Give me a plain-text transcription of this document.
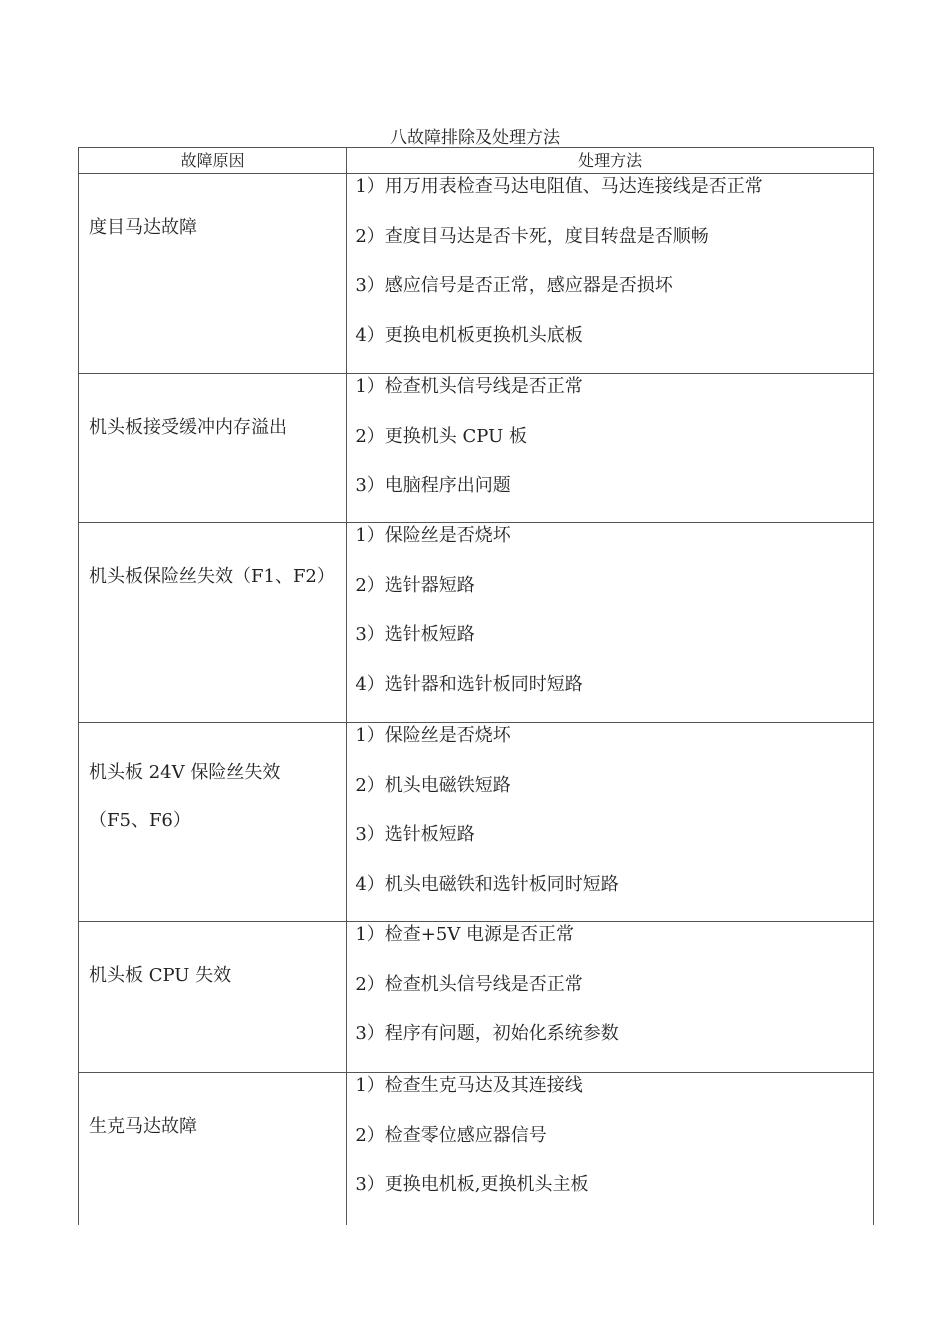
八故障排除及处理方法
故障原因	处理方法
度目马达故障	1）用万用表检查马达电阻值、马达连接线是否正常
2）查度目马达是否卡死，度目转盘是否顺畅
3）感应信号是否正常，感应器是否损坏
4）更换电机板更换机头底板

机头板接受缓冲内存溢出	1）检查机头信号线是否正常
2）更换机头 CPU 板
3）电脑程序出问题

机头板保险丝失效（F1、F2）	1）保险丝是否烧坏
2）选针器短路
3）选针板短路
4）选针器和选针板同时短路

机头板 24V 保险丝失效（F5、F6）	1）保险丝是否烧坏
2）机头电磁铁短路
3）选针板短路
4）机头电磁铁和选针板同时短路

机头板 CPU 失效	1）检查+5V 电源是否正常
2）检查机头信号线是否正常
3）程序有问题，初始化系统参数

生克马达故障	1）检查生克马达及其连接线
2）检查零位感应器信号
3）更换电机板,更换机头主板
